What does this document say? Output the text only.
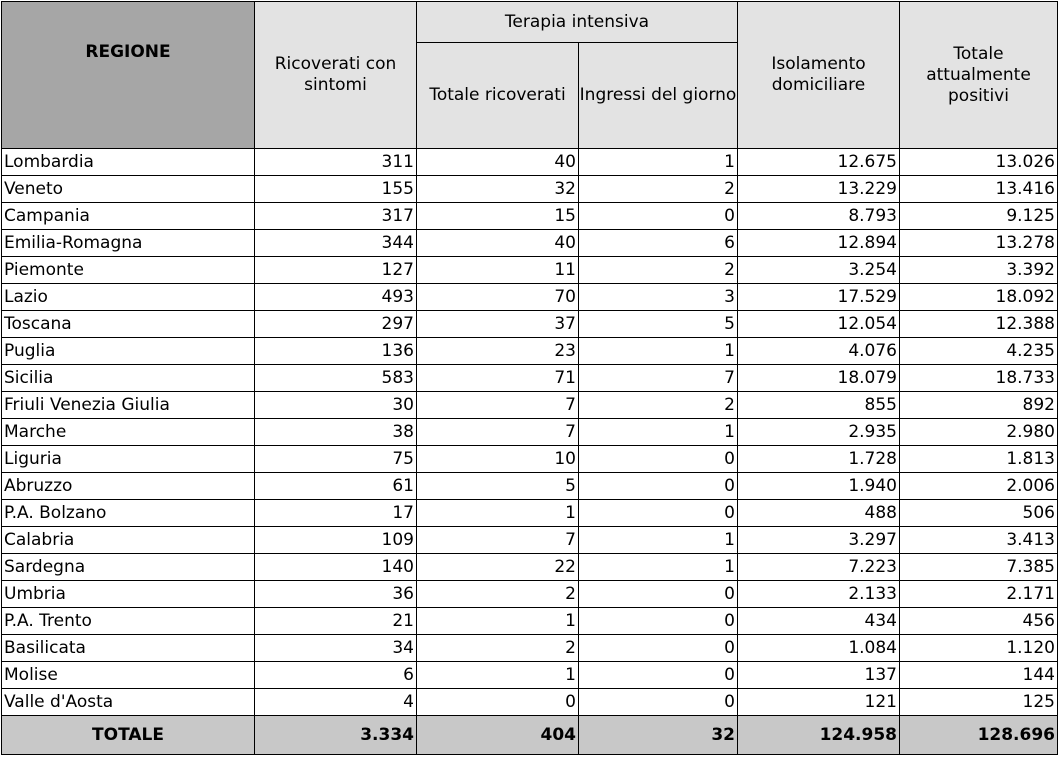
REGIONE	Ricoverati con sintomi	Terapia intensiva		Isolamento domiciliare	Totale attualmente positivi
		Totale ricoverati	Ingressi del giorno		
Lombardia	311	40	1	12.675	13.026
Veneto	155	32	2	13.229	13.416
Campania	317	15	0	8.793	9.125
Emilia-Romagna	344	40	6	12.894	13.278
Piemonte	127	11	2	3.254	3.392
Lazio	493	70	3	17.529	18.092
Toscana	297	37	5	12.054	12.388
Puglia	136	23	1	4.076	4.235
Sicilia	583	71	7	18.079	18.733
Friuli Venezia Giulia	30	7	2	855	892
Marche	38	7	1	2.935	2.980
Liguria	75	10	0	1.728	1.813
Abruzzo	61	5	0	1.940	2.006
P.A. Bolzano	17	1	0	488	506
Calabria	109	7	1	3.297	3.413
Sardegna	140	22	1	7.223	7.385
Umbria	36	2	0	2.133	2.171
P.A. Trento	21	1	0	434	456
Basilicata	34	2	0	1.084	1.120
Molise	6	1	0	137	144
Valle d'Aosta	4	0	0	121	125
TOTALE	3.334	404	32	124.958	128.696
